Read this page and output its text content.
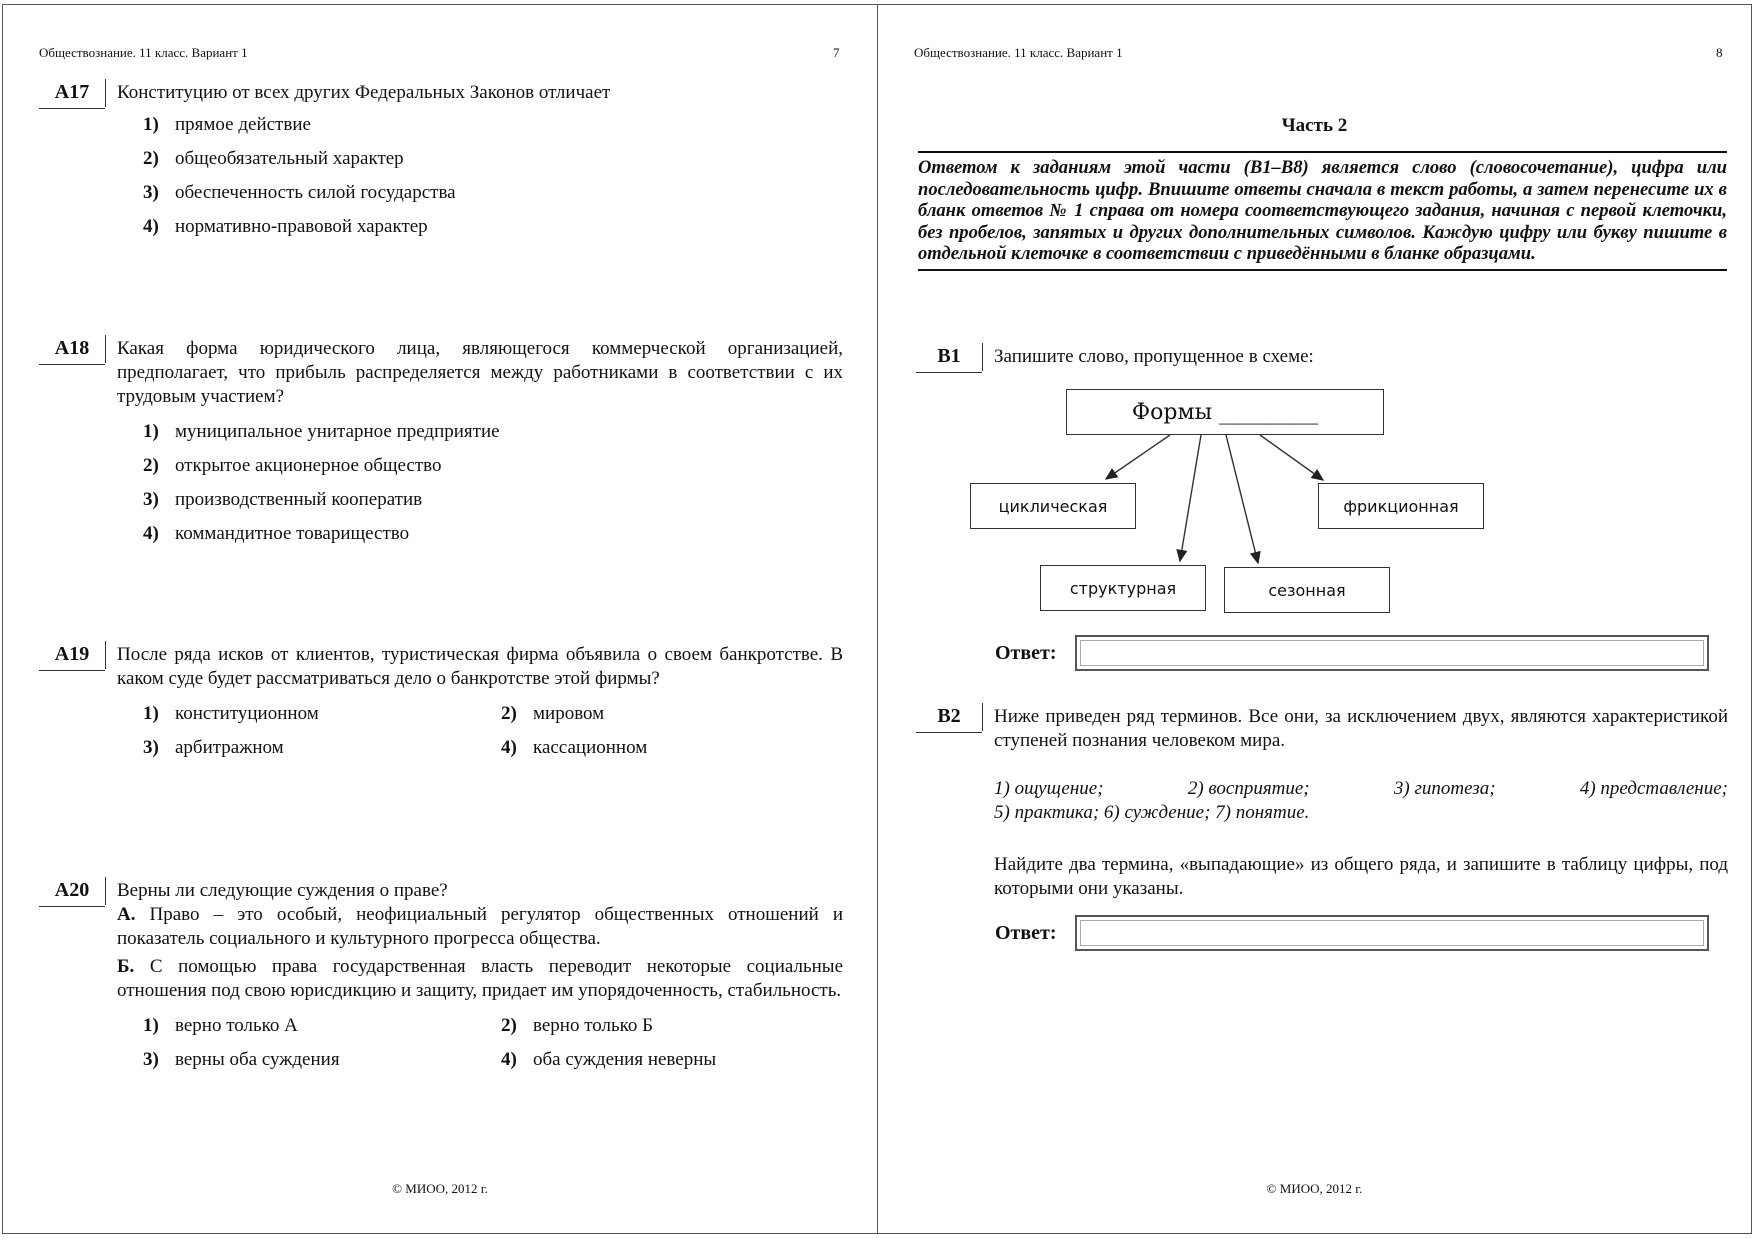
Обществознание. 11 класс. Вариант 1	7
A17	Конституцию от всех других Федеральных Законов отличает

1) прямое действие
2) общеобязательный характер
3) обеспеченность силой государства
4) нормативно-правовой характер
A18	Какая форма юридического лица, являющегося коммерческой организацией, предполагает, что прибыль распределяется между работниками в соответствии с их трудовым участием?

1) муниципальное унитарное предприятие
2) открытое акционерное общество
3) производственный кооператив
4) коммандитное товарищество
A19	После ряда исков от клиентов, туристическая фирма объявила о своем банкротстве. В каком суде будет рассматриваться дело о банкротстве этой фирмы?

1) конституционном	2) мировом
3) арбитражном	4) кассационном
A20	Верны ли следующие суждения о праве?

А. Право – это особый, неофициальный регулятор общественных отношений и показатель социального и культурного прогресса общества.

Б. С помощью права государственная власть переводит некоторые социальные отношения под свою юрисдикцию и защиту, придает им упорядоченность, стабильность.

1) верно только А	2) верно только Б
3) верны оба суждения	4) оба суждения неверны
© МИОО, 2012 г.
Обществознание. 11 класс. Вариант 1	8
Часть 2
Ответом к заданиям этой части (В1–В8) является слово (словосочетание), цифра или последовательность цифр. Впишите ответы сначала в текст работы, а затем перенесите их в бланк ответов № 1 справа от номера соответствующего задания, начиная с первой клеточки, без пробелов, запятых и других дополнительных символов. Каждую цифру или букву пишите в отдельной клеточке в соответствии с приведёнными в бланке образцами.
B1	Запишите слово, пропущенное в схеме:

Формы _________
циклическая
структурная	сезонная
фрикционная
Ответ:
B2	Ниже приведен ряд терминов. Все они, за исключением двух, являются характеристикой ступеней познания человеком мира.

1) ощущение;	2) восприятие;	3) гипотеза;	4) представление;
5) практика; 6) суждение; 7) понятие.

Найдите два термина, «выпадающие» из общего ряда, и запишите в таблицу цифры, под которыми они указаны.

Ответ:
© МИОО, 2012 г.
